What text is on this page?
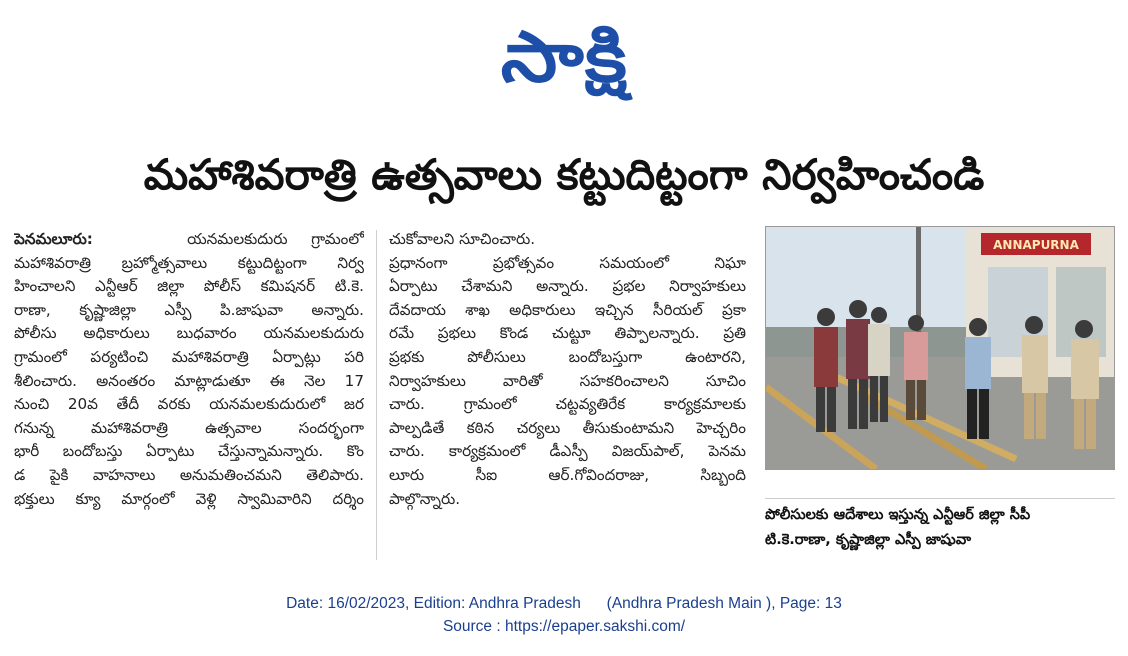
సాక్షి
మహాశివరాత్రి ఉత్సవాలు కట్టుదిట్టంగా నిర్వహించండి
పెనమలూరు:	యనమలకుదురు గ్రామంలో
మహాశివరాత్రి బ్రహ్మోత్సవాలు కట్టుదిట్టంగా నిర్వ
హించాలని ఎన్టీఆర్ జిల్లా పోలీస్ కమిషనర్ టి.కె.
రాణా, కృష్ణాజిల్లా ఎస్పీ పి.జాషువా అన్నారు.
పోలీసు అధికారులు బుధవారం యనమలకుదురు
గ్రామంలో పర్యటించి మహాశివరాత్రి ఏర్పాట్లు పరి
శీలించారు. అనంతరం మాట్లాడుతూ ఈ నెల 17
నుంచి 20వ తేదీ వరకు యనమలకుదురులో జర
గనున్న మహాశివరాత్రి ఉత్సవాల సందర్భంగా
భారీ బందోబస్తు ఏర్పాటు చేస్తున్నామన్నారు. కొం
డ పైకి వాహనాలు అనుమతించమని తెలిపారు.
భక్తులు క్యూ మార్గంలో వెళ్లి స్వామివారిని దర్శిం
చుకోవాలని సూచించారు.
ప్రధానంగా ప్రభోత్సవం సమయంలో నిఘా
ఏర్పాటు చేశామని అన్నారు. ప్రభల నిర్వాహకులు
దేవదాయ శాఖ అధికారులు ఇచ్చిన సీరియల్ ప్రకా
రమే ప్రభలు కొండ చుట్టూ తిప్పాలన్నారు. ప్రతి
ప్రభకు పోలీసులు బందోబస్తుగా ఉంటారని,
నిర్వాహకులు వారితో సహకరించాలని సూచిం
చారు. గ్రామంలో చట్టవ్యతిరేక కార్యక్రమాలకు
పాల్పడితే కఠిన చర్యలు తీసుకుంటామని హెచ్చరిం
చారు. కార్యక్రమంలో డీఎస్పీ విజయ్‌పాల్, పెనమ
లూరు సీఐ ఆర్.గోవిందరాజు, సిబ్బంది
పాల్గొన్నారు.
ANNAPURNA
పోలీసులకు ఆదేశాలు ఇస్తున్న ఎన్టీఆర్ జిల్లా సీపీ
టి.కె.రాణా, కృష్ణాజిల్లా ఎస్పీ జాషువా
Date: 16/02/2023, Edition: Andhra Pradesh (Andhra Pradesh Main ), Page: 13
Source : https://epaper.sakshi.com/
